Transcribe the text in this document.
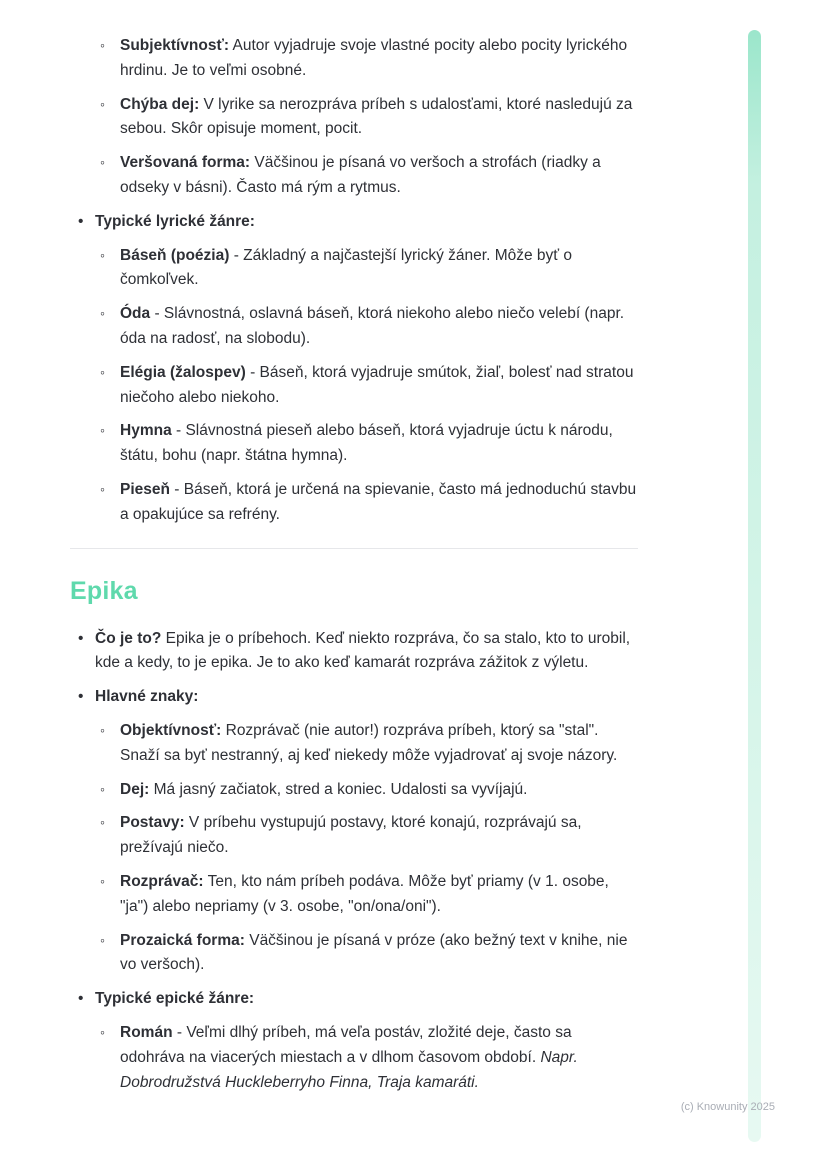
◦ Subjektívnosť: Autor vyjadruje svoje vlastné pocity alebo pocity lyrického hrdinu. Je to veľmi osobné.
◦ Chýba dej: V lyrike sa nerozpráva príbeh s udalosťami, ktoré nasledujú za sebou. Skôr opisuje moment, pocit.
◦ Veršovaná forma: Väčšinou je písaná vo veršoch a strofách (riadky a odseky v básni). Často má rým a rytmus.
• Typické lyrické žánre:
◦ Báseň (poézia) - Základný a najčastejší lyrický žáner. Môže byť o čomkoľvek.
◦ Óda - Slávnostná, oslavná báseň, ktorá niekoho alebo niečo velebí (napr. óda na radosť, na slobodu).
◦ Elégia (žalospev) - Báseň, ktorá vyjadruje smútok, žiaľ, bolesť nad stratou niečoho alebo niekoho.
◦ Hymna - Slávnostná pieseň alebo báseň, ktorá vyjadruje úctu k národu, štátu, bohu (napr. štátna hymna).
◦ Pieseň - Báseň, ktorá je určená na spievanie, často má jednoduchú stavbu a opakujúce sa refrény.
Epika
• Čo je to? Epika je o príbehoch. Keď niekto rozpráva, čo sa stalo, kto to urobil, kde a kedy, to je epika. Je to ako keď kamarát rozpráva zážitok z výletu.
• Hlavné znaky:
◦ Objektívnosť: Rozprávač (nie autor!) rozpráva príbeh, ktorý sa "stal". Snaží sa byť nestranný, aj keď niekedy môže vyjadrovať aj svoje názory.
◦ Dej: Má jasný začiatok, stred a koniec. Udalosti sa vyvíjajú.
◦ Postavy: V príbehu vystupujú postavy, ktoré konajú, rozprávajú sa, prežívajú niečo.
◦ Rozprávač: Ten, kto nám príbeh podáva. Môže byť priamy (v 1. osobe, "ja") alebo nepriamy (v 3. osobe, "on/ona/oni").
◦ Prozaická forma: Väčšinou je písaná v próze (ako bežný text v knihe, nie vo veršoch).
• Typické epické žánre:
◦ Román - Veľmi dlhý príbeh, má veľa postáv, zložité deje, často sa odohráva na viacerých miestach a v dlhom časovom období. Napr. Dobrodružstvá Huckleberryho Finna, Traja kamaráti.
(c) Knowunity 2025
